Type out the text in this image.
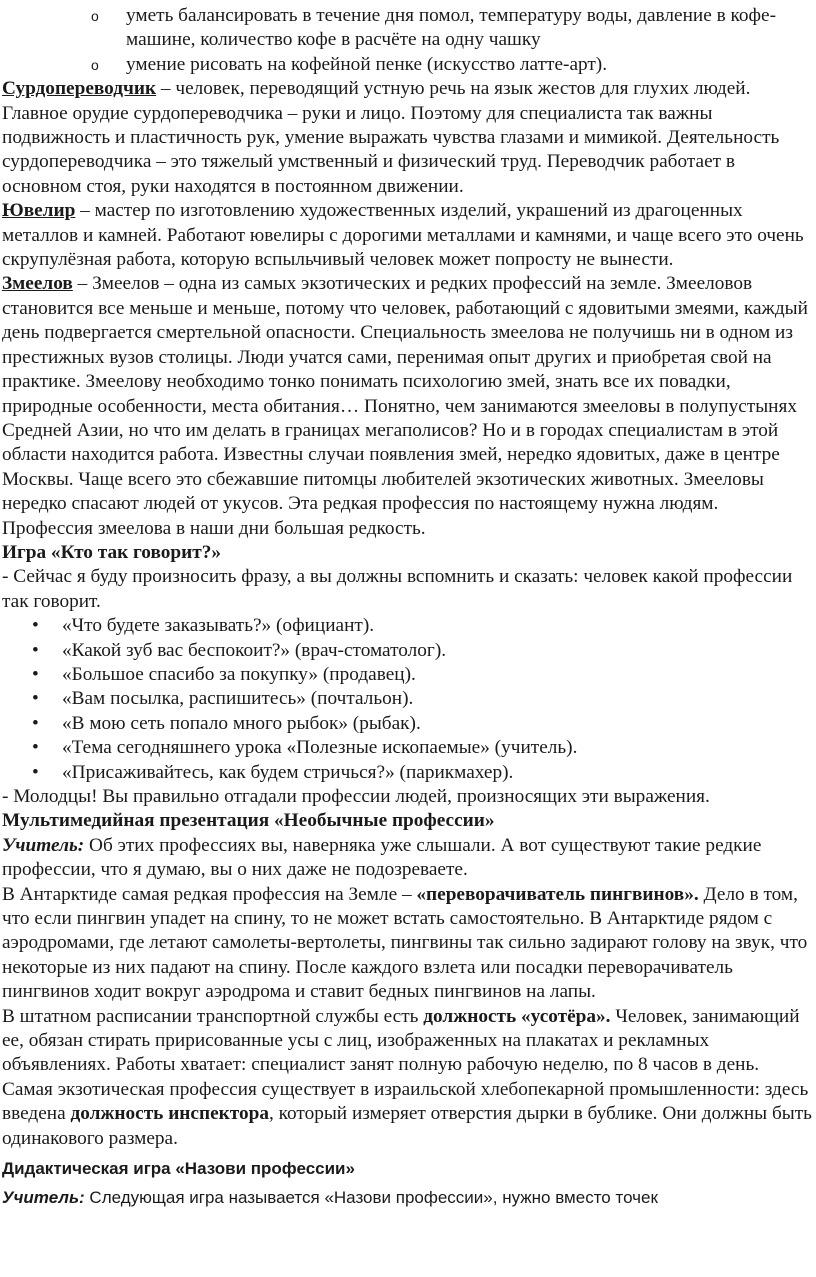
o уметь балансировать в течение дня помол, температуру воды, давление в кофе-машине, количество кофе в расчёте на одну чашку
o умение рисовать на кофейной пенке (искусство латте-арт).

Сурдопереводчик – человек, переводящий устную речь на язык жестов для глухих людей. Главное орудие сурдопереводчика – руки и лицо. Поэтому для специалиста так важны подвижность и пластичность рук, умение выражать чувства глазами и мимикой. Деятельность сурдопереводчика – это тяжелый умственный и физический труд. Переводчик работает в основном стоя, руки находятся в постоянном движении.

Ювелир – мастер по изготовлению художественных изделий, украшений из драгоценных металлов и камней. Работают ювелиры с дорогими металлами и камнями, и чаще всего это очень скрупулёзная работа, которую вспыльчивый человек может попросту не вынести.

Змеелов – Змеелов – одна из самых экзотических и редких профессий на земле. Змееловов становится все меньше и меньше, потому что человек, работающий с ядовитыми змеями, каждый день подвергается смертельной опасности. Специальность змеелова не получишь ни в одном из престижных вузов столицы. Люди учатся сами, перенимая опыт других и приобретая свой на практике. Змеелову необходимо тонко понимать психологию змей, знать все их повадки, природные особенности, места обитания… Понятно, чем занимаются змееловы в полупустынях Средней Азии, но что им делать в границах мегаполисов? Но и в городах специалистам в этой области находится работа. Известны случаи появления змей, нередко ядовитых, даже в центре Москвы. Чаще всего это сбежавшие питомцы любителей экзотических животных. Змееловы нередко спасают людей от укусов. Эта редкая профессия по настоящему нужна людям.

Профессия змеелова в наши дни большая редкость.

Игра «Кто так говорит?»

- Сейчас я буду произносить фразу, а вы должны вспомнить и сказать: человек какой профессии так говорит.

• «Что будете заказывать?» (официант).
• «Какой зуб вас беспокоит?» (врач-стоматолог).
• «Большое спасибо за покупку» (продавец).
• «Вам посылка, распишитесь» (почтальон).
• «В мою сеть попало много рыбок» (рыбак).
• «Тема сегодняшнего урока «Полезные ископаемые» (учитель).
• «Присаживайтесь, как будем стричься?» (парикмахер).

- Молодцы! Вы правильно отгадали профессии людей, произносящих эти выражения.

Мультимедийная презентация «Необычные профессии»

Учитель: Об этих профессиях вы, наверняка уже слышали. А вот существуют такие редкие профессии, что я думаю, вы о них даже не подозреваете.

В Антарктиде самая редкая профессия на Земле – «переворачиватель пингвинов». Дело в том, что если пингвин упадет на спину, то не может встать самостоятельно. В Антарктиде рядом с аэродромами, где летают самолеты-вертолеты, пингвины так сильно задирают голову на звук, что некоторые из них падают на спину. После каждого взлета или посадки переворачиватель пингвинов ходит вокруг аэродрома и ставит бедных пингвинов на лапы.

В штатном расписании транспортной службы есть должность «усотёра». Человек, занимающий ее, обязан стирать пририсованные усы с лиц, изображенных на плакатах и рекламных объявлениях. Работы хватает: специалист занят полную рабочую неделю, по 8 часов в день.

Самая экзотическая профессия существует в израильской хлебопекарной промышленности: здесь введена должность инспектора, который измеряет отверстия дырки в бублике. Они должны быть одинакового размера.

Дидактическая игра «Назови профессии»

Учитель: Следующая игра называется «Назови профессии», нужно вместо точек
